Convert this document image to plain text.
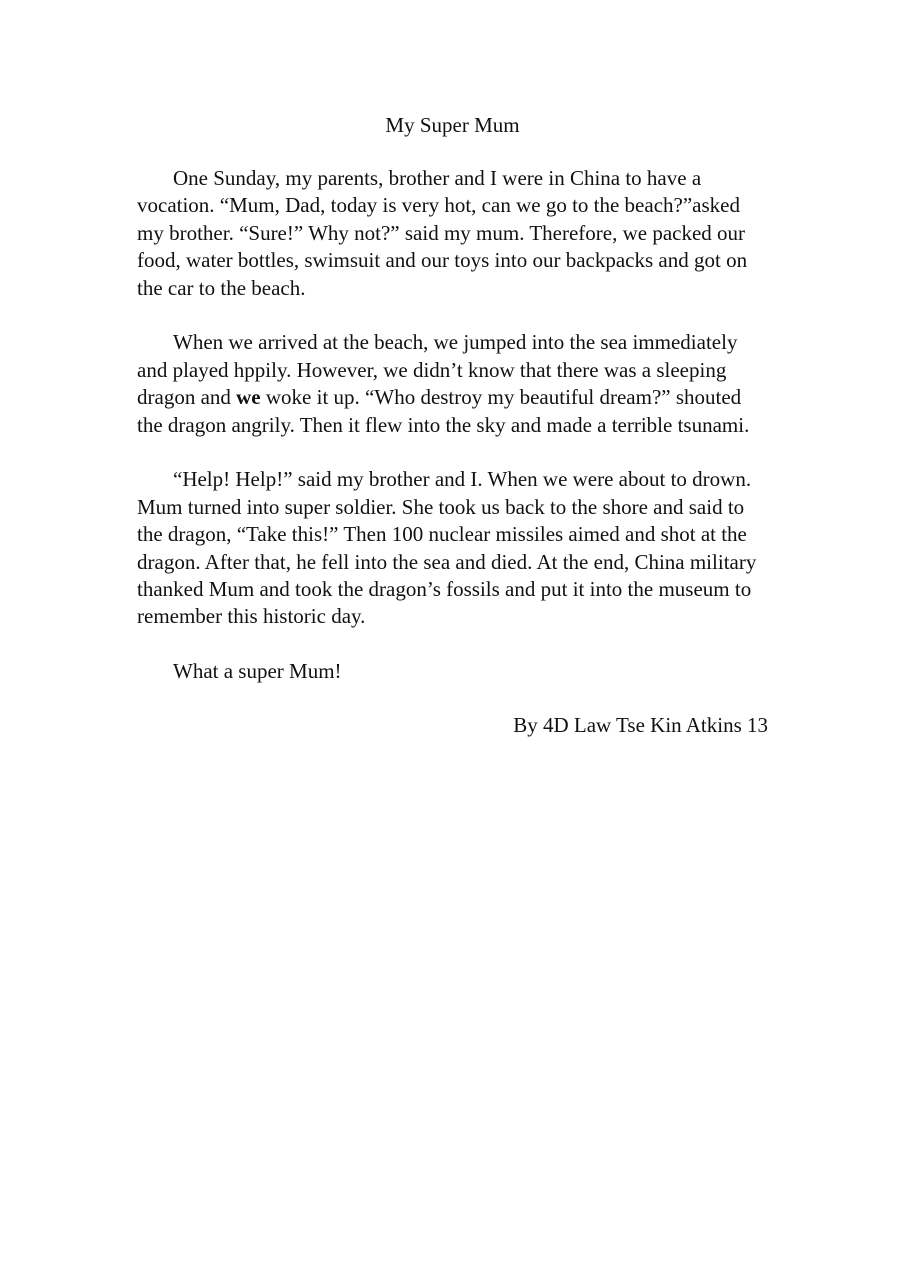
My Super Mum
One Sunday, my parents, brother and I were in China to have a
vocation. “Mum, Dad, today is very hot, can we go to the beach?”asked
my brother. “Sure!” Why not?” said my mum. Therefore, we packed our
food, water bottles, swimsuit and our toys into our backpacks and got on
the car to the beach.
When we arrived at the beach, we jumped into the sea immediately
and played hppily. However, we didn’t know that there was a sleeping
dragon and we woke it up. “Who destroy my beautiful dream?” shouted
the dragon angrily. Then it flew into the sky and made a terrible tsunami.
“Help! Help!” said my brother and I. When we were about to drown.
Mum turned into super soldier. She took us back to the shore and said to
the dragon, “Take this!” Then 100 nuclear missiles aimed and shot at the
dragon. After that, he fell into the sea and died. At the end, China military
thanked Mum and took the dragon’s fossils and put it into the museum to
remember this historic day.
What a super Mum!
By 4D Law Tse Kin Atkins 13
